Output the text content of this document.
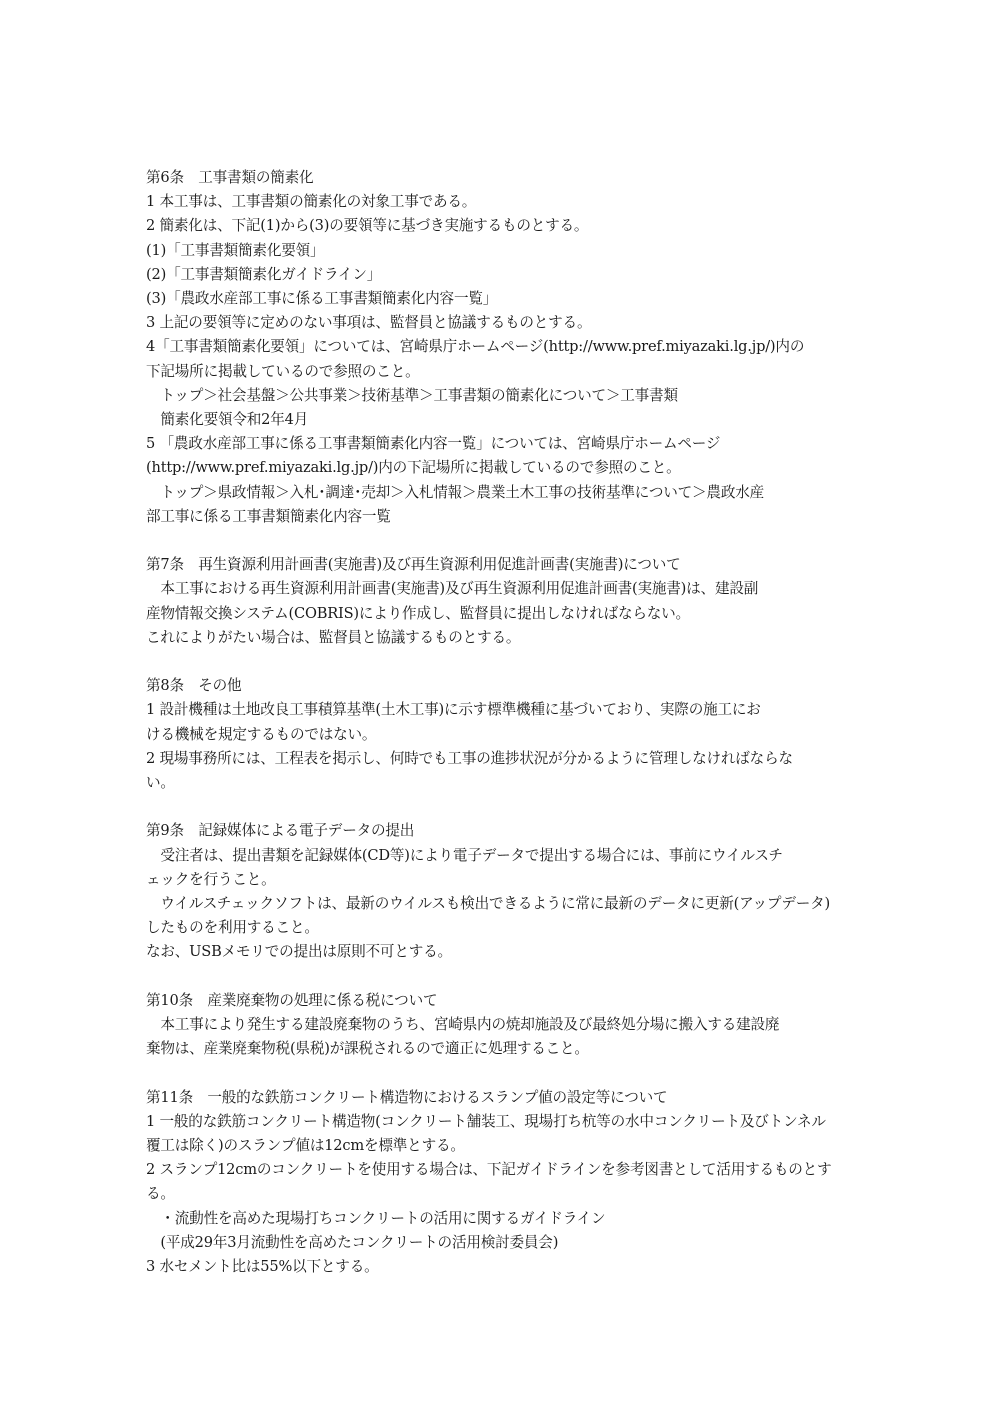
第6条　工事書類の簡素化
1 本工事は、工事書類の簡素化の対象工事である。
2 簡素化は、下記(1)から(3)の要領等に基づき実施するものとする。
(1)「工事書類簡素化要領」
(2)「工事書類簡素化ガイドライン」
(3)「農政水産部工事に係る工事書類簡素化内容一覧」
3 上記の要領等に定めのない事項は、監督員と協議するものとする。
4「工事書類簡素化要領」については、宮崎県庁ホームページ(http://www.pref.miyazaki.lg.jp/)内の
下記場所に掲載しているので参照のこと。
　トップ＞社会基盤＞公共事業＞技術基準＞工事書類の簡素化について＞工事書類
　簡素化要領令和2年4月
5 「農政水産部工事に係る工事書類簡素化内容一覧」については、宮崎県庁ホームページ
(http://www.pref.miyazaki.lg.jp/)内の下記場所に掲載しているので参照のこと。
　トップ＞県政情報＞入札･調達･売却＞入札情報＞農業土木工事の技術基準について＞農政水産
部工事に係る工事書類簡素化内容一覧
第7条　再生資源利用計画書(実施書)及び再生資源利用促進計画書(実施書)について
　本工事における再生資源利用計画書(実施書)及び再生資源利用促進計画書(実施書)は、建設副
産物情報交換システム(COBRIS)により作成し、監督員に提出しなければならない。
これによりがたい場合は、監督員と協議するものとする。
第8条　その他
1 設計機種は土地改良工事積算基準(土木工事)に示す標準機種に基づいており、実際の施工にお
ける機械を規定するものではない。
2 現場事務所には、工程表を掲示し、何時でも工事の進捗状況が分かるように管理しなければならな
い。
第9条　記録媒体による電子データの提出
　受注者は、提出書類を記録媒体(CD等)により電子データで提出する場合には、事前にウイルスチ
ェックを行うこと。
　ウイルスチェックソフトは、最新のウイルスも検出できるように常に最新のデータに更新(アップデータ)
したものを利用すること。
なお、USBメモリでの提出は原則不可とする。
第10条　産業廃棄物の処理に係る税について
　本工事により発生する建設廃棄物のうち、宮崎県内の焼却施設及び最終処分場に搬入する建設廃
棄物は、産業廃棄物税(県税)が課税されるので適正に処理すること。
第11条　一般的な鉄筋コンクリート構造物におけるスランプ値の設定等について
1 一般的な鉄筋コンクリート構造物(コンクリート舗装工、現場打ち杭等の水中コンクリート及びトンネル
覆工は除く)のスランプ値は12cmを標準とする。
2 スランプ12cmのコンクリートを使用する場合は、下記ガイドラインを参考図書として活用するものとす
る。
　・流動性を高めた現場打ちコンクリートの活用に関するガイドライン
　(平成29年3月流動性を高めたコンクリートの活用検討委員会)
3 水セメント比は55%以下とする。
